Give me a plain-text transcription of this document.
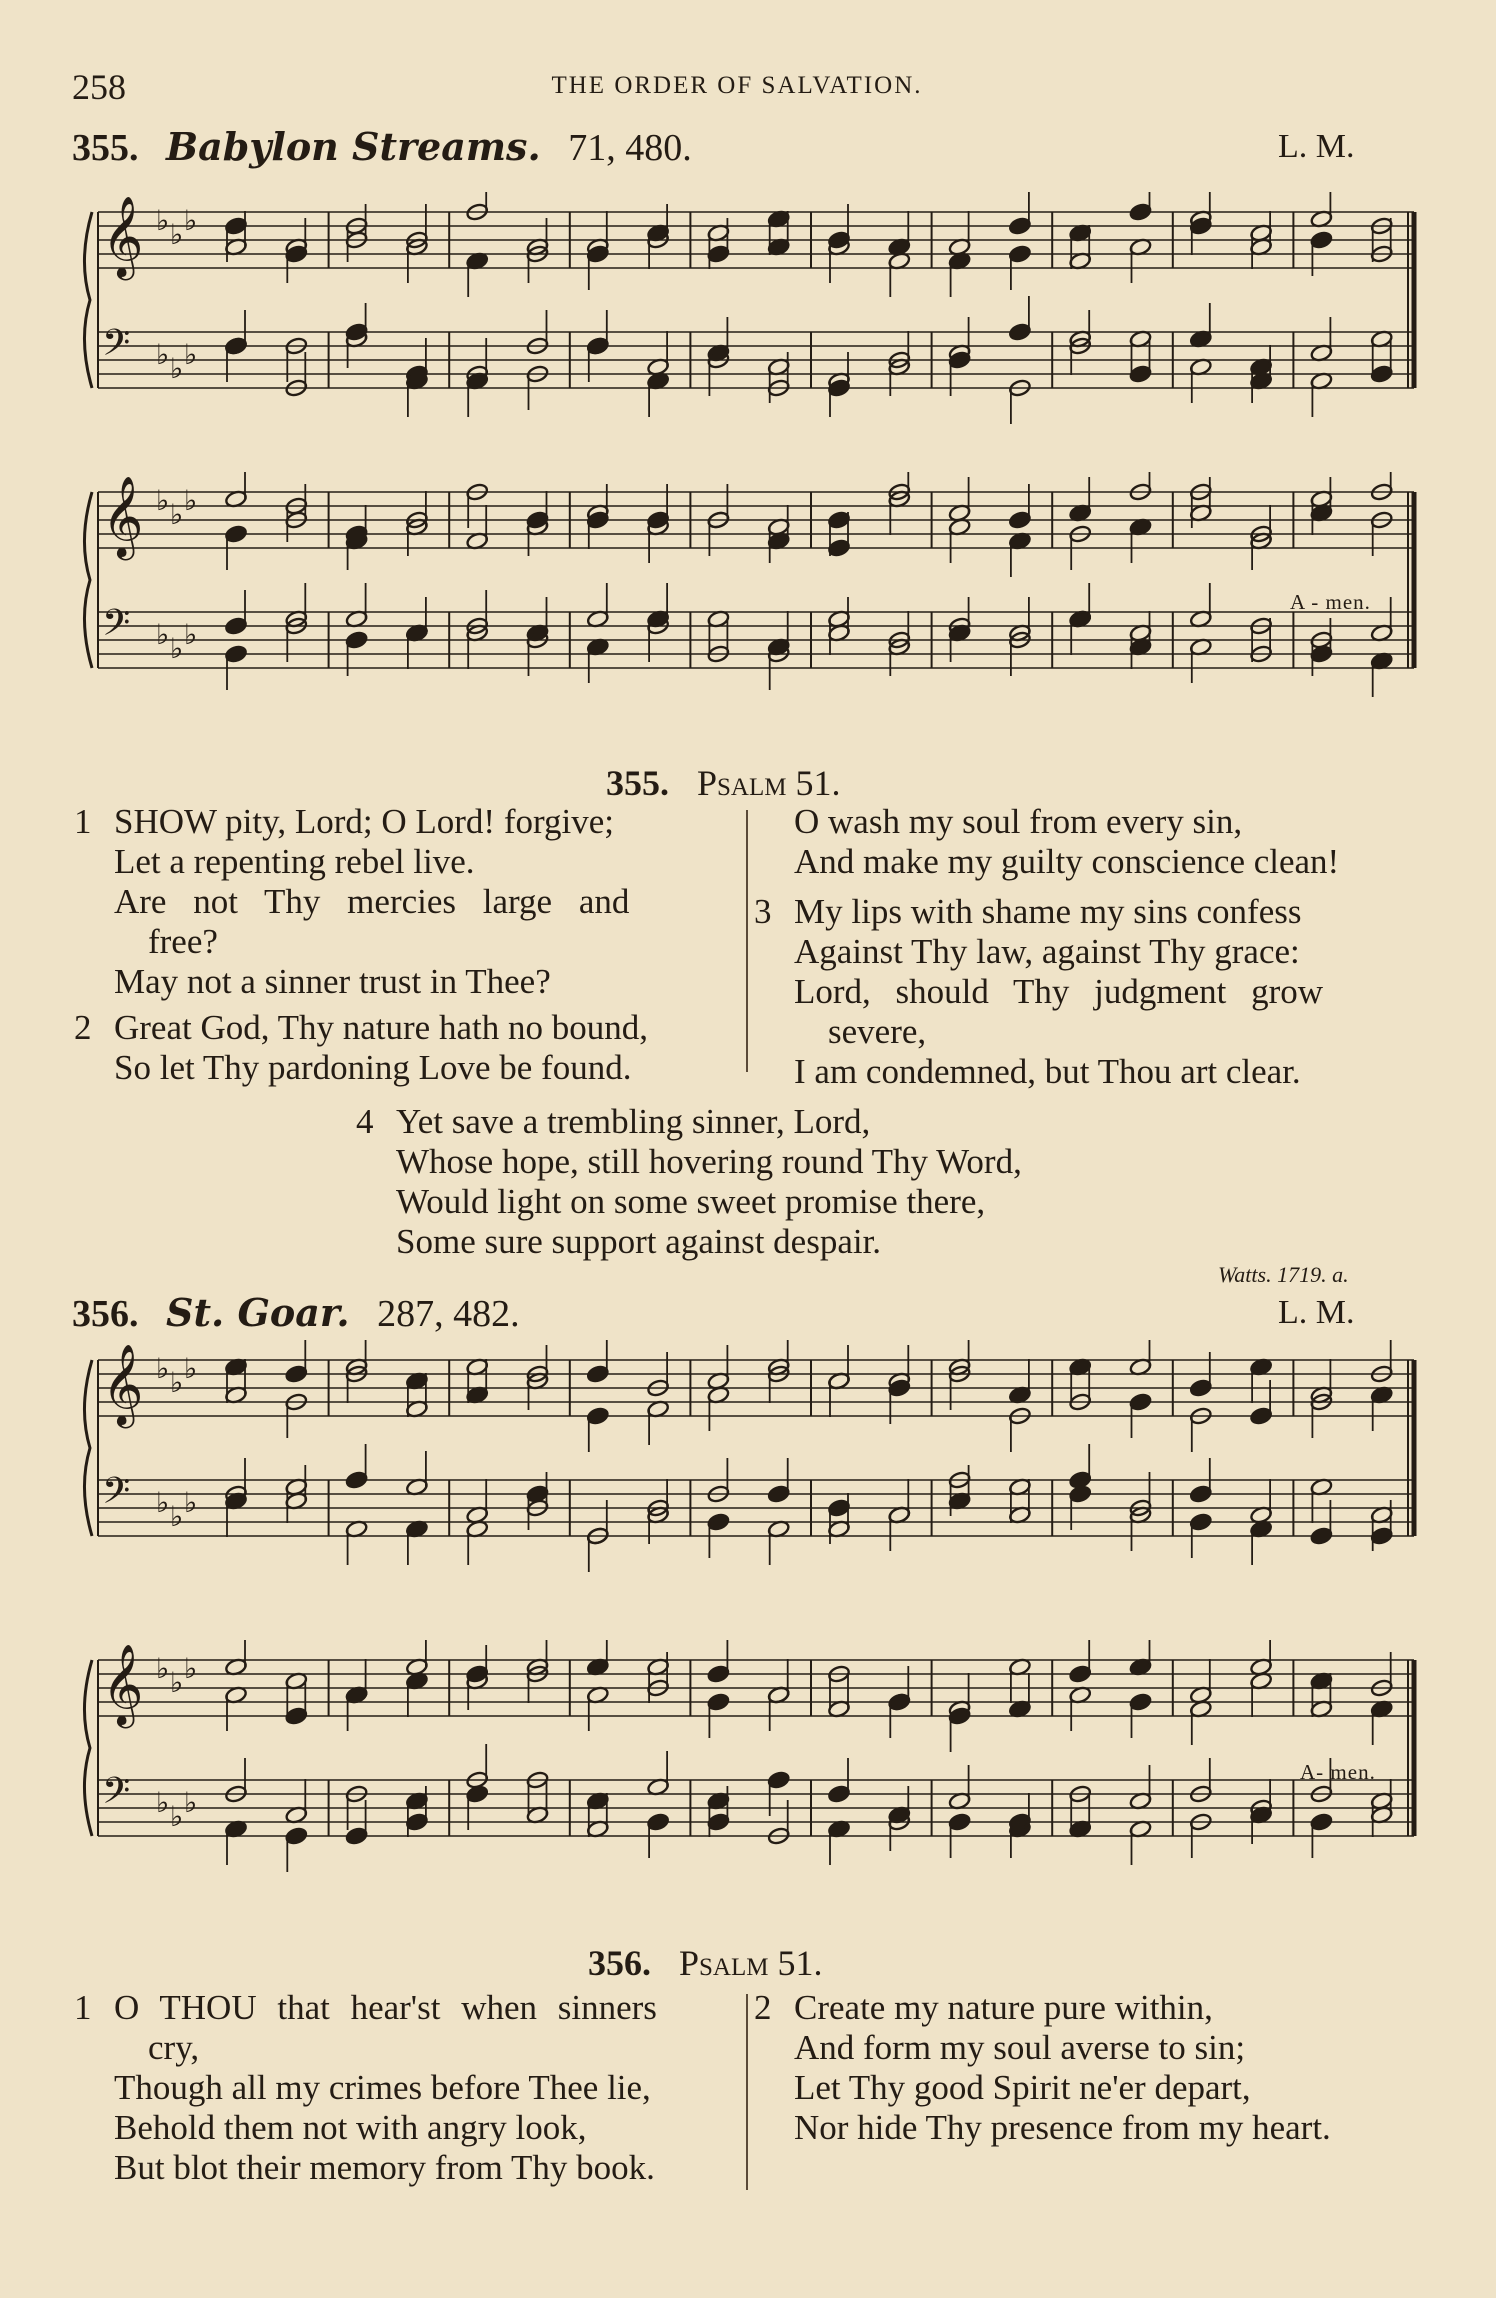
258	THE ORDER OF SALVATION.
355. Babylon Streams. 71, 480.	L. M.
𝄞 ♭ ♭ ♭
𝄢 ♭ ♭ ♭
𝄞 ♭ ♭ ♭
𝄢 ♭ ♭ ♭
A - men.
355. Psalm 51.
1 SHOW pity, Lord; O Lord! forgive;
Let a repenting rebel live.
Are not Thy mercies large and
free?
May not a sinner trust in Thee?
2 Great God, Thy nature hath no bound,
So let Thy pardoning Love be found.
O wash my soul from every sin,
And make my guilty conscience clean!
3 My lips with shame my sins confess
Against Thy law, against Thy grace:
Lord, should Thy judgment grow
severe,
I am condemned, but Thou art clear.
4 Yet save a trembling sinner, Lord,
Whose hope, still hovering round Thy Word,
Would light on some sweet promise there,
Some sure support against despair.
Watts. 1719. a.
356. St. Goar. 287, 482.	L. M.
𝄞 ♭ ♭ ♭
𝄢 ♭ ♭ ♭
𝄞 ♭ ♭ ♭
𝄢 ♭ ♭ ♭
A- men.
356. Psalm 51.
1 O THOU that hear'st when sinners
cry,
Though all my crimes before Thee lie,
Behold them not with angry look,
But blot their memory from Thy book.
2 Create my nature pure within,
And form my soul averse to sin;
Let Thy good Spirit ne'er depart,
Nor hide Thy presence from my heart.
